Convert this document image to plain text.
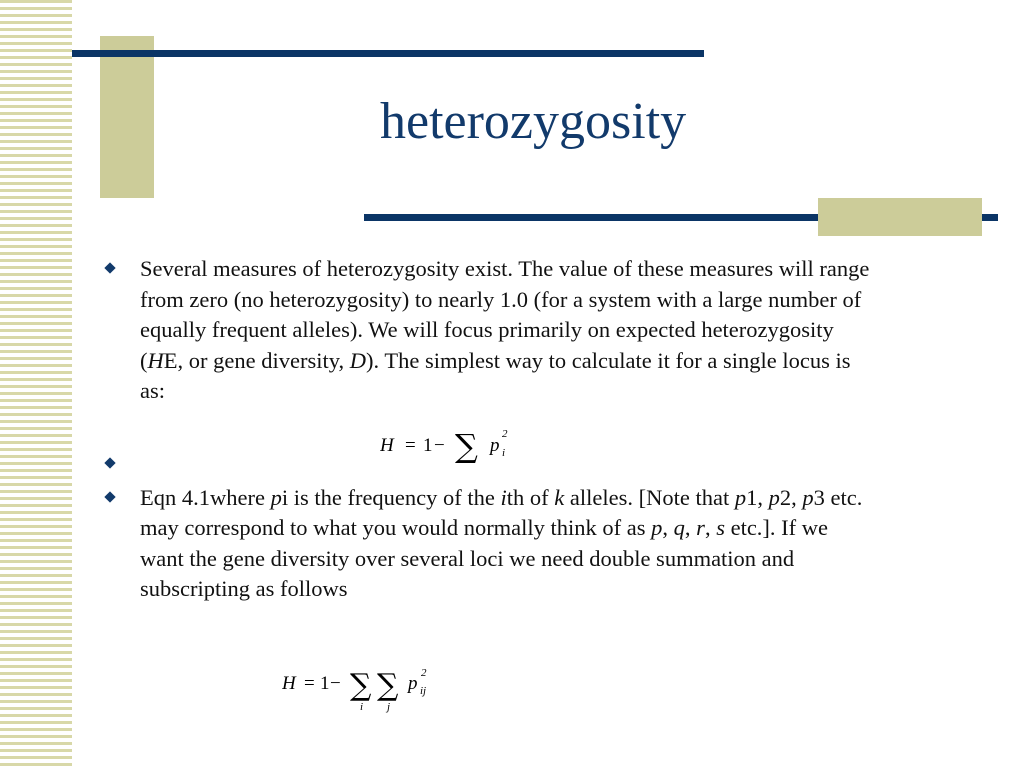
heterozygosity
Several measures of heterozygosity exist. The value of these measures will range from zero (no heterozygosity) to nearly 1.0 (for a system with a large number of equally frequent alleles). We will focus primarily on expected heterozygosity (HE, or gene diversity, D). The simplest way to calculate it for a single locus is as:
Eqn 4.1where pi is the frequency of the ith of k alleles. [Note that p1, p2, p3 etc. may correspond to what you would normally think of as p, q, r, s etc.]. If we want the gene diversity over several loci we need double summation and subscripting as follows
H = 1 − ∑ p
2
i
H = 1 − ∑
i
∑
j
p 2
ij
